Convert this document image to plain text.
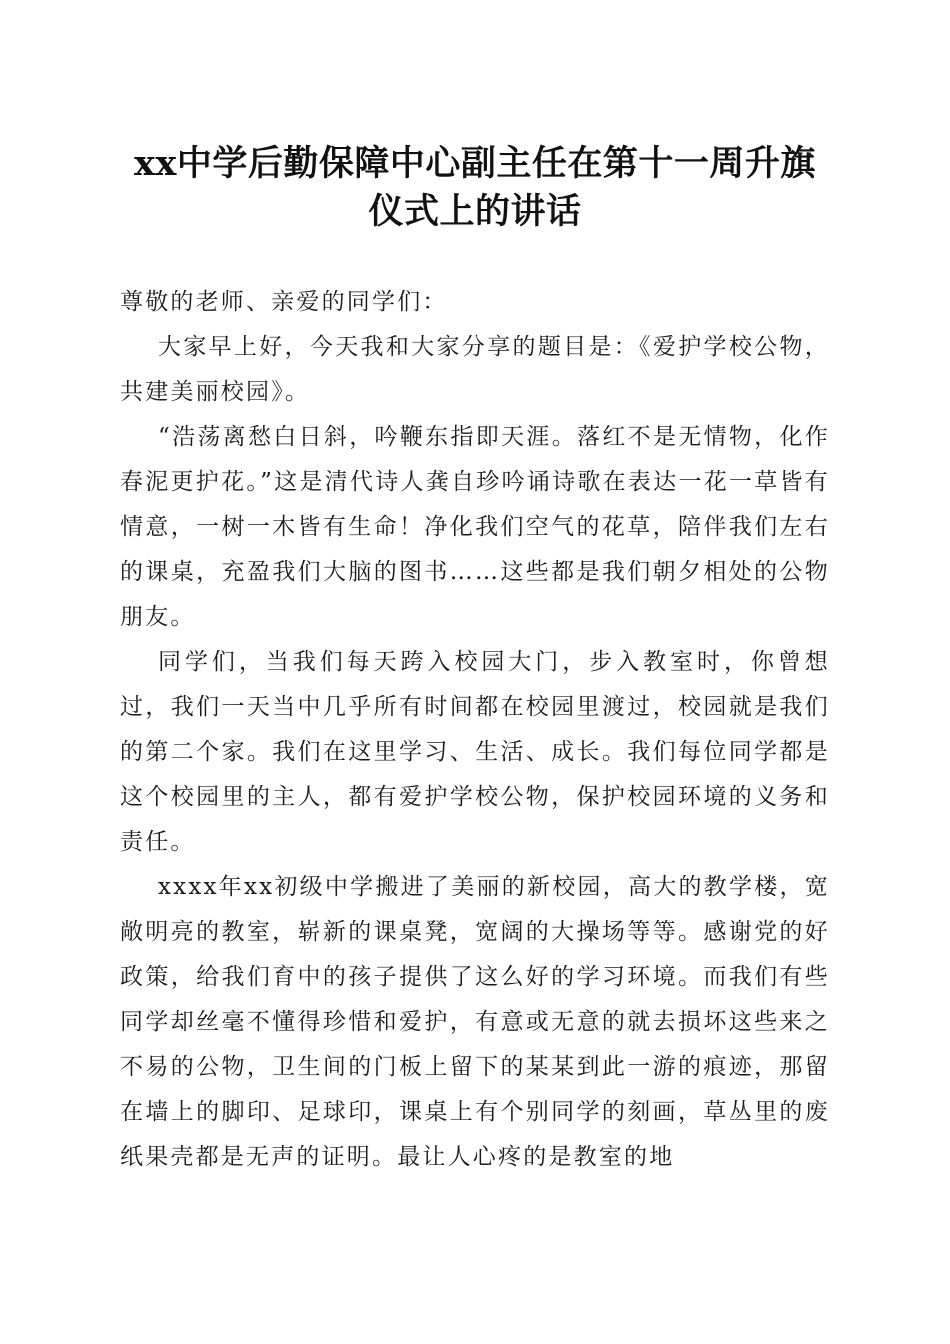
xx中学后勤保障中心副主任在第十一周升旗
仪式上的讲话

尊敬的老师、亲爱的同学们：

大家早上好，今天我和大家分享的题目是：《爱护学校公物，共建美丽校园》。

“浩荡离愁白日斜，吟鞭东指即天涯。落红不是无情物，化作春泥更护花。”这是清代诗人龚自珍吟诵诗歌在表达一花一草皆有情意，一树一木皆有生命！净化我们空气的花草，陪伴我们左右的课桌，充盈我们大脑的图书……这些都是我们朝夕相处的公物朋友。

同学们，当我们每天跨入校园大门，步入教室时，你曾想过，我们一天当中几乎所有时间都在校园里渡过，校园就是我们的第二个家。我们在这里学习、生活、成长。我们每位同学都是这个校园里的主人，都有爱护学校公物，保护校园环境的义务和责任。

xxxx年xx初级中学搬进了美丽的新校园，高大的教学楼，宽敞明亮的教室，崭新的课桌凳，宽阔的大操场等等。感谢党的好政策，给我们育中的孩子提供了这么好的学习环境。而我们有些同学却丝毫不懂得珍惜和爱护，有意或无意的就去损坏这些来之不易的公物，卫生间的门板上留下的某某到此一游的痕迹，那留在墙上的脚印、足球印，课桌上有个别同学的刻画，草丛里的废纸果壳都是无声的证明。最让人心疼的是教室的地
